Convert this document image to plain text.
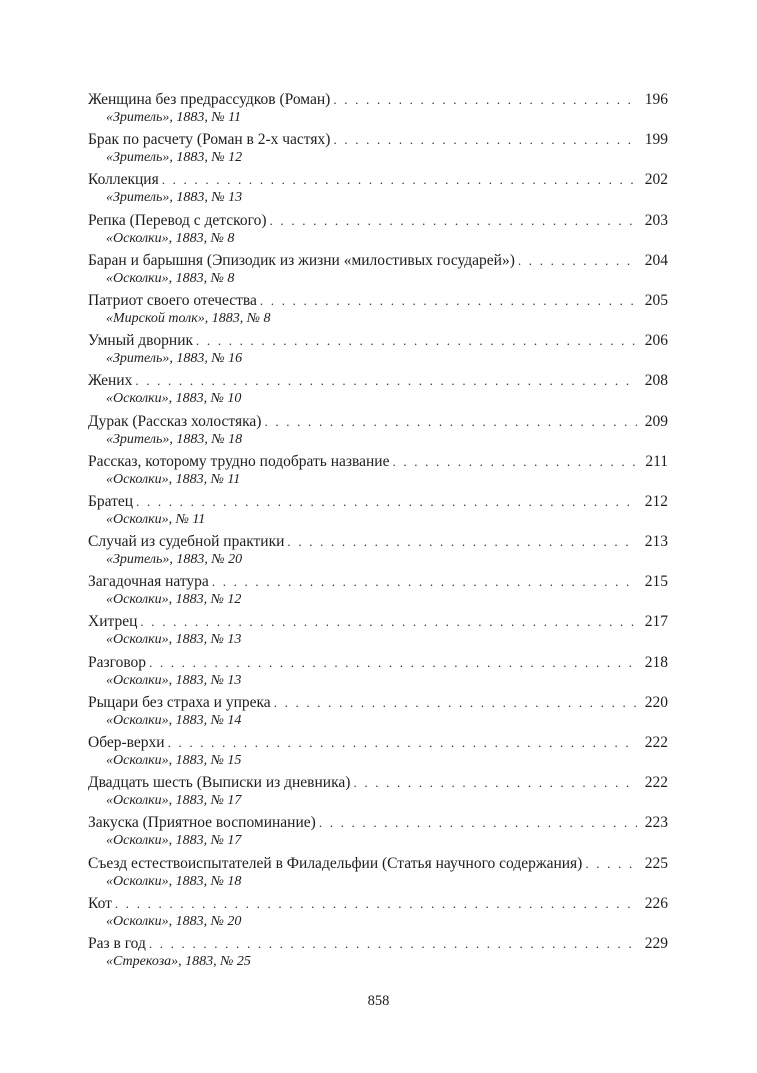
Женщина без предрассудков (Роман) . . .	196
«Зритель», 1883, № 11
Брак по расчету (Роман в 2-х частях) . . .	199
«Зритель», 1883, № 12
Коллекция . . .	202
«Зритель», 1883, № 13
Репка (Перевод с детского) . . .	203
«Осколки», 1883, № 8
Баран и барышня (Эпизодик из жизни «милостивых государей») . . .	204
«Осколки», 1883, № 8
Патриот своего отечества . . .	205
«Мирской толк», 1883, № 8
Умный дворник . . .	206
«Зритель», 1883, № 16
Жених . . .	208
«Осколки», 1883, № 10
Дурак (Рассказ холостяка) . . .	209
«Зритель», 1883, № 18
Рассказ, которому трудно подобрать название . . .	211
«Осколки», 1883, № 11
Братец . . .	212
«Осколки», № 11
Случай из судебной практики . . .	213
«Зритель», 1883, № 20
Загадочная натура . . .	215
«Осколки», 1883, № 12
Хитрец . . .	217
«Осколки», 1883, № 13
Разговор . . .	218
«Осколки», 1883, № 13
Рыцари без страха и упрека . . .	220
«Осколки», 1883, № 14
Обер-верхи . . .	222
«Осколки», 1883, № 15
Двадцать шесть (Выписки из дневника) . . .	222
«Осколки», 1883, № 17
Закуска (Приятное воспоминание) . . .	223
«Осколки», 1883, № 17
Съезд естествоиспытателей в Филадельфии (Статья научного содержания) . . .	225
«Осколки», 1883, № 18
Кот . . .	226
«Осколки», 1883, № 20
Раз в год . . .	229
«Стрекоза», 1883, № 25
858
